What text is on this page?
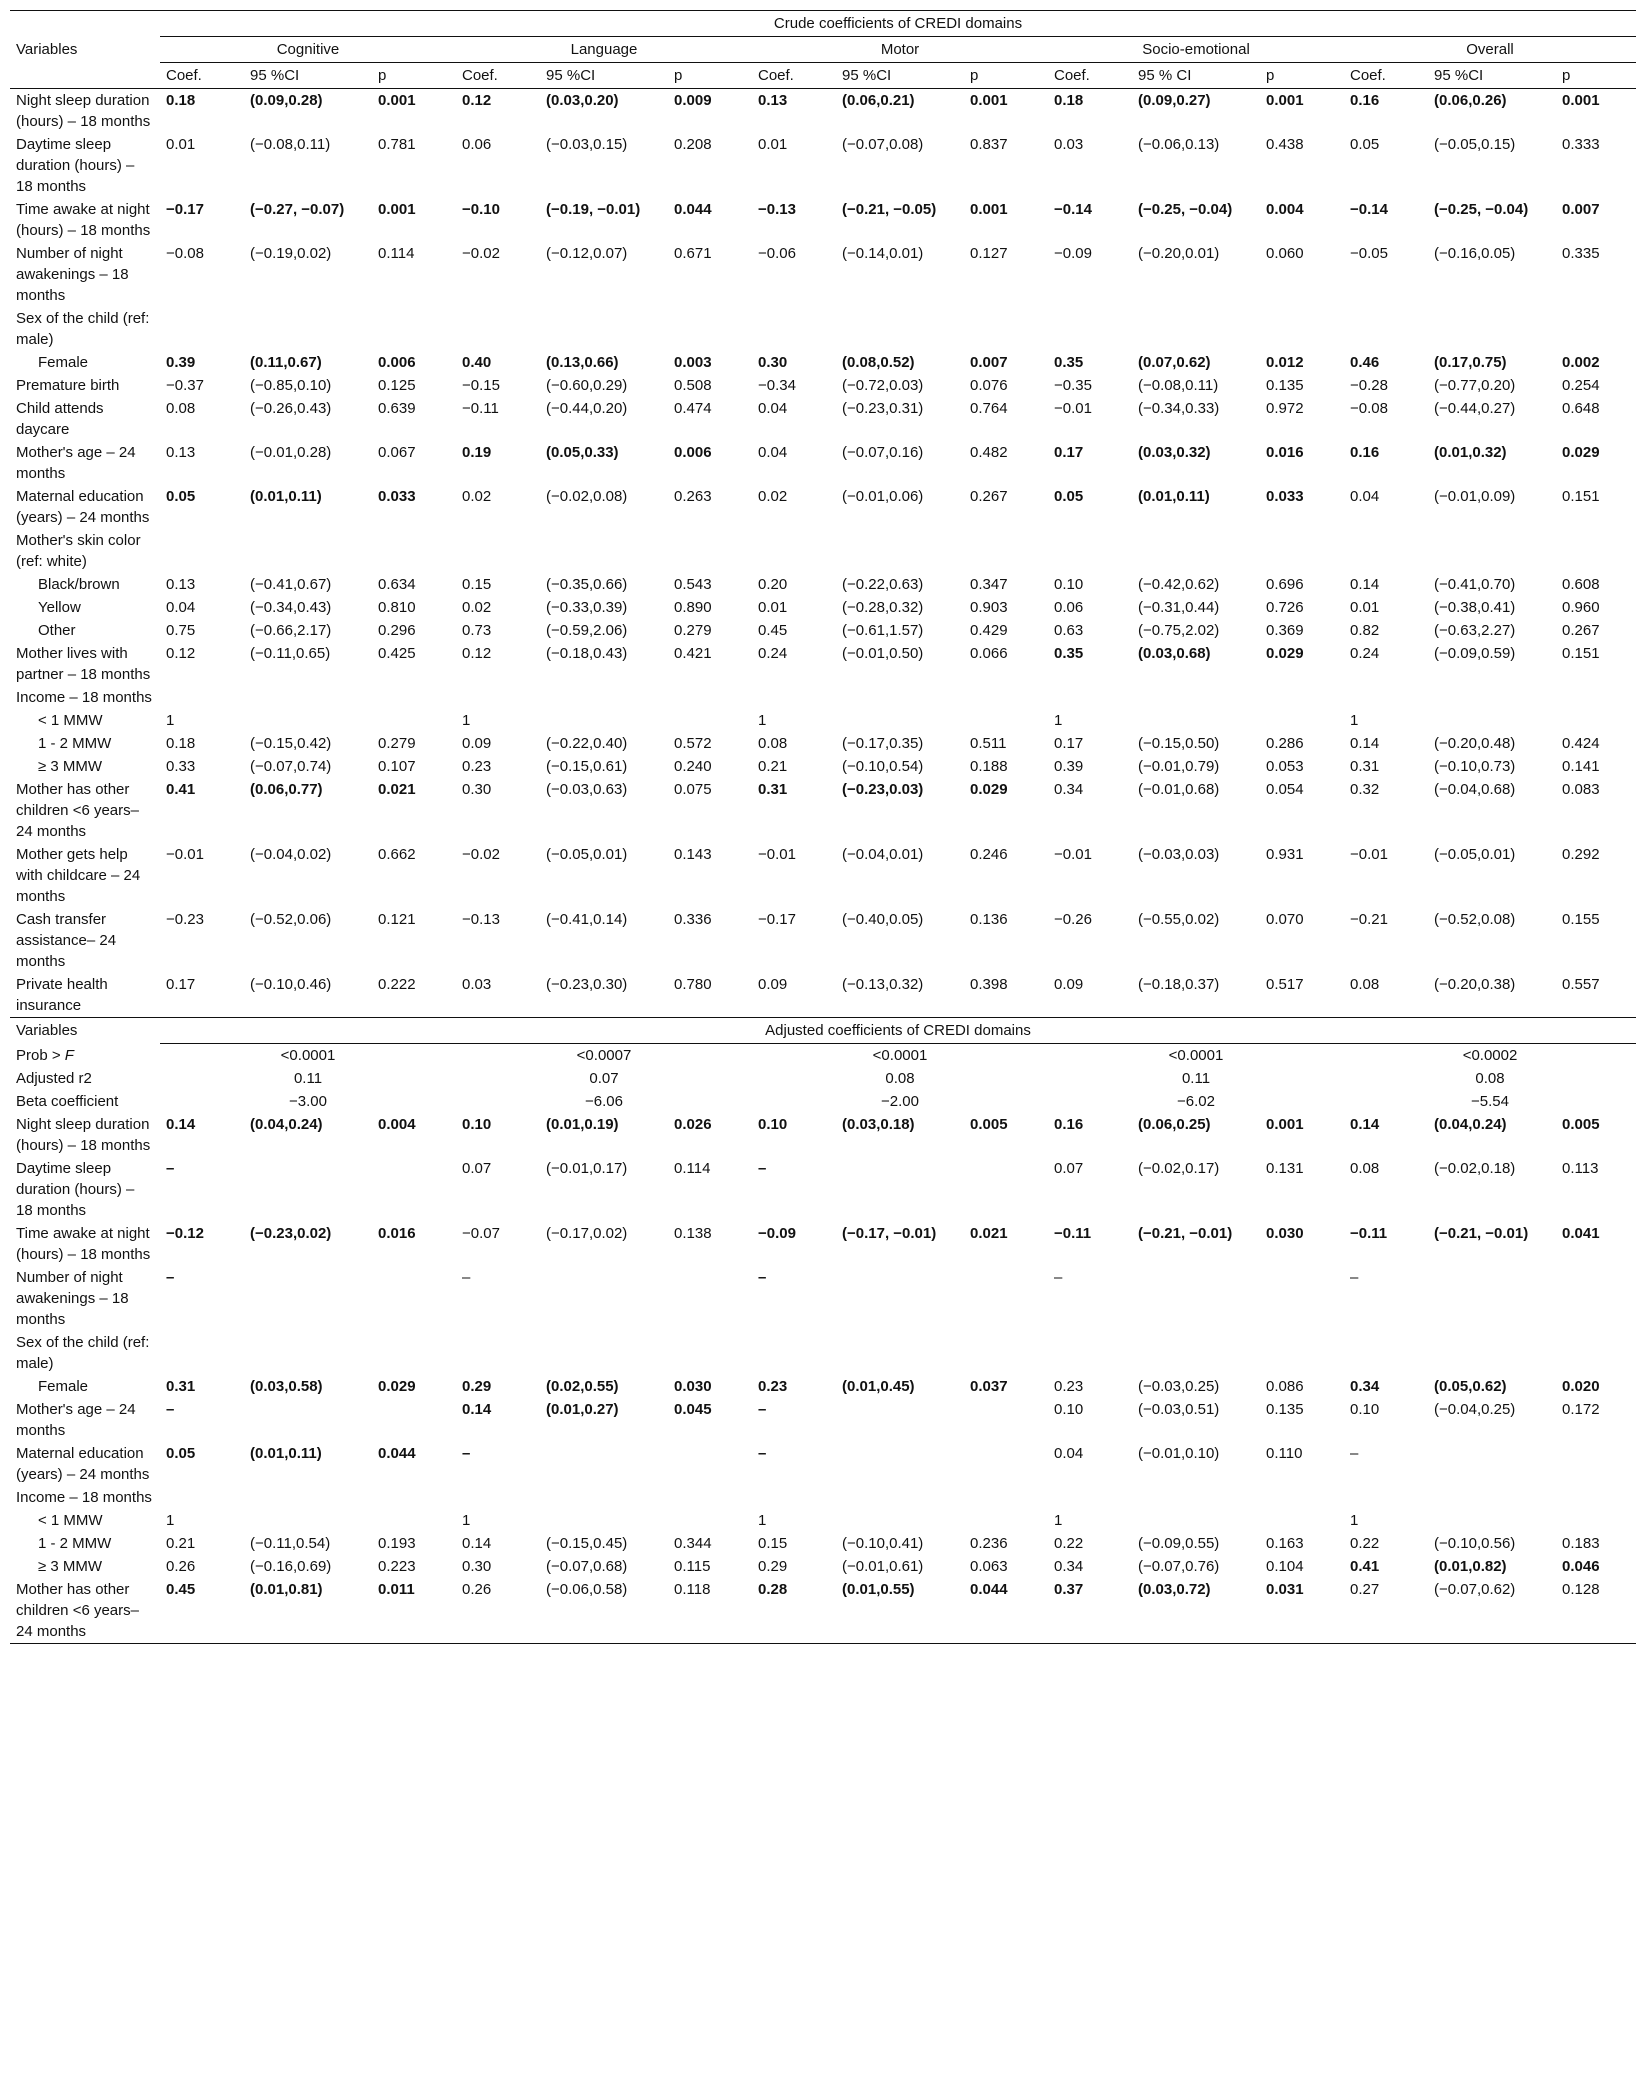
	Crude coefficients of CREDI domains														
Variables	Cognitive			Language			Motor			Socio-emotional			Overall		
	Coef.	95 %CI	p	Coef.	95 %CI	p	Coef.	95 %CI	p	Coef.	95 % CI	p	Coef.	95 %CI	p
Night sleep duration (hours) – 18 months	0.18	(0.09,0.28)	0.001	0.12	(0.03,0.20)	0.009	0.13	(0.06,0.21)	0.001	0.18	(0.09,0.27)	0.001	0.16	(0.06,0.26)	0.001
Daytime sleep duration (hours) – 18 months	0.01	(−0.08,0.11)	0.781	0.06	(−0.03,0.15)	0.208	0.01	(−0.07,0.08)	0.837	0.03	(−0.06,0.13)	0.438	0.05	(−0.05,0.15)	0.333
Time awake at night (hours) – 18 months	−0.17	(−0.27, −0.07)	0.001	−0.10	(−0.19, −0.01)	0.044	−0.13	(−0.21, −0.05)	0.001	−0.14	(−0.25, −0.04)	0.004	−0.14	(−0.25, −0.04)	0.007
Number of night awakenings – 18 months	−0.08	(−0.19,0.02)	0.114	−0.02	(−0.12,0.07)	0.671	−0.06	(−0.14,0.01)	0.127	−0.09	(−0.20,0.01)	0.060	−0.05	(−0.16,0.05)	0.335
Sex of the child (ref: male)															
Female	0.39	(0.11,0.67)	0.006	0.40	(0.13,0.66)	0.003	0.30	(0.08,0.52)	0.007	0.35	(0.07,0.62)	0.012	0.46	(0.17,0.75)	0.002
Premature birth	−0.37	(−0.85,0.10)	0.125	−0.15	(−0.60,0.29)	0.508	−0.34	(−0.72,0.03)	0.076	−0.35	(−0.08,0.11)	0.135	−0.28	(−0.77,0.20)	0.254
Child attends daycare	0.08	(−0.26,0.43)	0.639	−0.11	(−0.44,0.20)	0.474	0.04	(−0.23,0.31)	0.764	−0.01	(−0.34,0.33)	0.972	−0.08	(−0.44,0.27)	0.648
Mother's age – 24 months	0.13	(−0.01,0.28)	0.067	0.19	(0.05,0.33)	0.006	0.04	(−0.07,0.16)	0.482	0.17	(0.03,0.32)	0.016	0.16	(0.01,0.32)	0.029
Maternal education (years) – 24 months	0.05	(0.01,0.11)	0.033	0.02	(−0.02,0.08)	0.263	0.02	(−0.01,0.06)	0.267	0.05	(0.01,0.11)	0.033	0.04	(−0.01,0.09)	0.151
Mother's skin color (ref: white)															
Black/brown	0.13	(−0.41,0.67)	0.634	0.15	(−0.35,0.66)	0.543	0.20	(−0.22,0.63)	0.347	0.10	(−0.42,0.62)	0.696	0.14	(−0.41,0.70)	0.608
Yellow	0.04	(−0.34,0.43)	0.810	0.02	(−0.33,0.39)	0.890	0.01	(−0.28,0.32)	0.903	0.06	(−0.31,0.44)	0.726	0.01	(−0.38,0.41)	0.960
Other	0.75	(−0.66,2.17)	0.296	0.73	(−0.59,2.06)	0.279	0.45	(−0.61,1.57)	0.429	0.63	(−0.75,2.02)	0.369	0.82	(−0.63,2.27)	0.267
Mother lives with partner – 18 months	0.12	(−0.11,0.65)	0.425	0.12	(−0.18,0.43)	0.421	0.24	(−0.01,0.50)	0.066	0.35	(0.03,0.68)	0.029	0.24	(−0.09,0.59)	0.151
Income – 18 months															
< 1 MMW	1			1			1			1			1		
1 - 2 MMW	0.18	(−0.15,0.42)	0.279	0.09	(−0.22,0.40)	0.572	0.08	(−0.17,0.35)	0.511	0.17	(−0.15,0.50)	0.286	0.14	(−0.20,0.48)	0.424
≥ 3 MMW	0.33	(−0.07,0.74)	0.107	0.23	(−0.15,0.61)	0.240	0.21	(−0.10,0.54)	0.188	0.39	(−0.01,0.79)	0.053	0.31	(−0.10,0.73)	0.141
Mother has other children <6 years– 24 months	0.41	(0.06,0.77)	0.021	0.30	(−0.03,0.63)	0.075	0.31	(−0.23,0.03)	0.029	0.34	(−0.01,0.68)	0.054	0.32	(−0.04,0.68)	0.083
Mother gets help with childcare – 24 months	−0.01	(−0.04,0.02)	0.662	−0.02	(−0.05,0.01)	0.143	−0.01	(−0.04,0.01)	0.246	−0.01	(−0.03,0.03)	0.931	−0.01	(−0.05,0.01)	0.292
Cash transfer assistance– 24 months	−0.23	(−0.52,0.06)	0.121	−0.13	(−0.41,0.14)	0.336	−0.17	(−0.40,0.05)	0.136	−0.26	(−0.55,0.02)	0.070	−0.21	(−0.52,0.08)	0.155
Private health insurance	0.17	(−0.10,0.46)	0.222	0.03	(−0.23,0.30)	0.780	0.09	(−0.13,0.32)	0.398	0.09	(−0.18,0.37)	0.517	0.08	(−0.20,0.38)	0.557
Variables	Adjusted coefficients of CREDI domains														
Prob > F	<0.0001			<0.0007			<0.0001			<0.0001			<0.0002		
Adjusted r2	0.11			0.07			0.08			0.11			0.08		
Beta coefficient	−3.00			−6.06			−2.00			−6.02			−5.54		
Night sleep duration (hours) – 18 months	0.14	(0.04,0.24)	0.004	0.10	(0.01,0.19)	0.026	0.10	(0.03,0.18)	0.005	0.16	(0.06,0.25)	0.001	0.14	(0.04,0.24)	0.005
Daytime sleep duration (hours) – 18 months	–			0.07	(−0.01,0.17)	0.114	–			0.07	(−0.02,0.17)	0.131	0.08	(−0.02,0.18)	0.113
Time awake at night (hours) – 18 months	−0.12	(−0.23,0.02)	0.016	−0.07	(−0.17,0.02)	0.138	−0.09	(−0.17, −0.01)	0.021	−0.11	(−0.21, −0.01)	0.030	−0.11	(−0.21, −0.01)	0.041
Number of night awakenings – 18 months	–			–			–			–			–		
Sex of the child (ref: male)															
Female	0.31	(0.03,0.58)	0.029	0.29	(0.02,0.55)	0.030	0.23	(0.01,0.45)	0.037	0.23	(−0.03,0.25)	0.086	0.34	(0.05,0.62)	0.020
Mother's age – 24 months	–			0.14	(0.01,0.27)	0.045	–			0.10	(−0.03,0.51)	0.135	0.10	(−0.04,0.25)	0.172
Maternal education (years) – 24 months	0.05	(0.01,0.11)	0.044	–			–			0.04	(−0.01,0.10)	0.110	–		
Income – 18 months															
< 1 MMW	1			1			1			1			1		
1 - 2 MMW	0.21	(−0.11,0.54)	0.193	0.14	(−0.15,0.45)	0.344	0.15	(−0.10,0.41)	0.236	0.22	(−0.09,0.55)	0.163	0.22	(−0.10,0.56)	0.183
≥ 3 MMW	0.26	(−0.16,0.69)	0.223	0.30	(−0.07,0.68)	0.115	0.29	(−0.01,0.61)	0.063	0.34	(−0.07,0.76)	0.104	0.41	(0.01,0.82)	0.046
Mother has other children <6 years– 24 months	0.45	(0.01,0.81)	0.011	0.26	(−0.06,0.58)	0.118	0.28	(0.01,0.55)	0.044	0.37	(0.03,0.72)	0.031	0.27	(−0.07,0.62)	0.128
